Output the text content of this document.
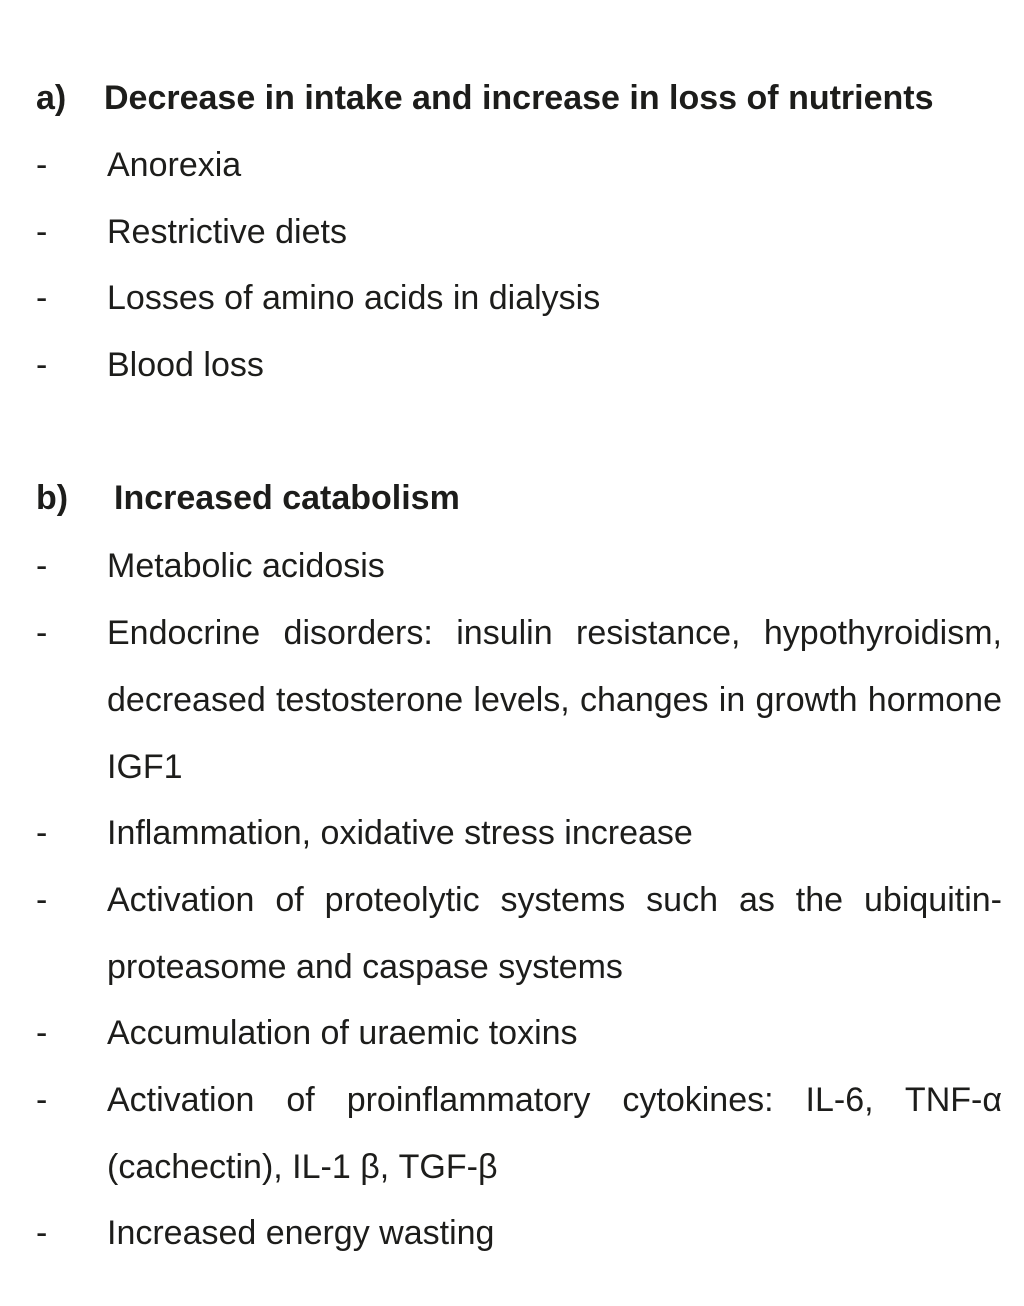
a) Decrease in intake and increase in loss of nutrients
- Anorexia
- Restrictive diets
- Losses of amino acids in dialysis
- Blood loss
b) Increased catabolism
- Metabolic acidosis
- Endocrine disorders: insulin resistance, hypothyroidism, decreased testosterone levels, changes in growth hormone IGF1
- Inflammation, oxidative stress increase
- Activation of proteolytic systems such as the ubiquitin-proteasome and caspase systems
- Accumulation of uraemic toxins
- Activation of proinflammatory cytokines: IL-6, TNF-α (cachectin), IL-1 β, TGF-β
- Increased energy wasting
